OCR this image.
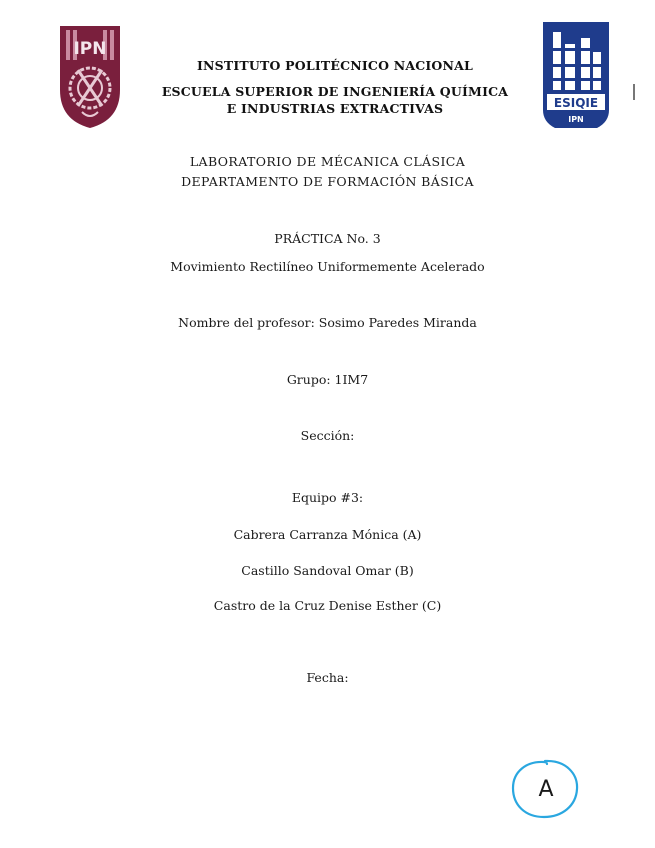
IPN
INSTITUTO POLITÉCNICO NACIONAL
ESCUELA SUPERIOR DE INGENIERÍA QUÍMICA
E INDUSTRIAS EXTRACTIVAS	ESIQIE
IPN
LABORATORIO DE MÉCANICA CLÁSICA
DEPARTAMENTO DE FORMACIÓN BÁSICA
PRÁCTICA No. 3
Movimiento Rectilíneo Uniformemente Acelerado
Nombre del profesor: Sosimo Paredes Miranda
Grupo: 1IM7
Sección:
Equipo #3:
Cabrera Carranza Mónica (A)
Castillo Sandoval Omar (B)
Castro de la Cruz Denise Esther (C)
Fecha:
A
